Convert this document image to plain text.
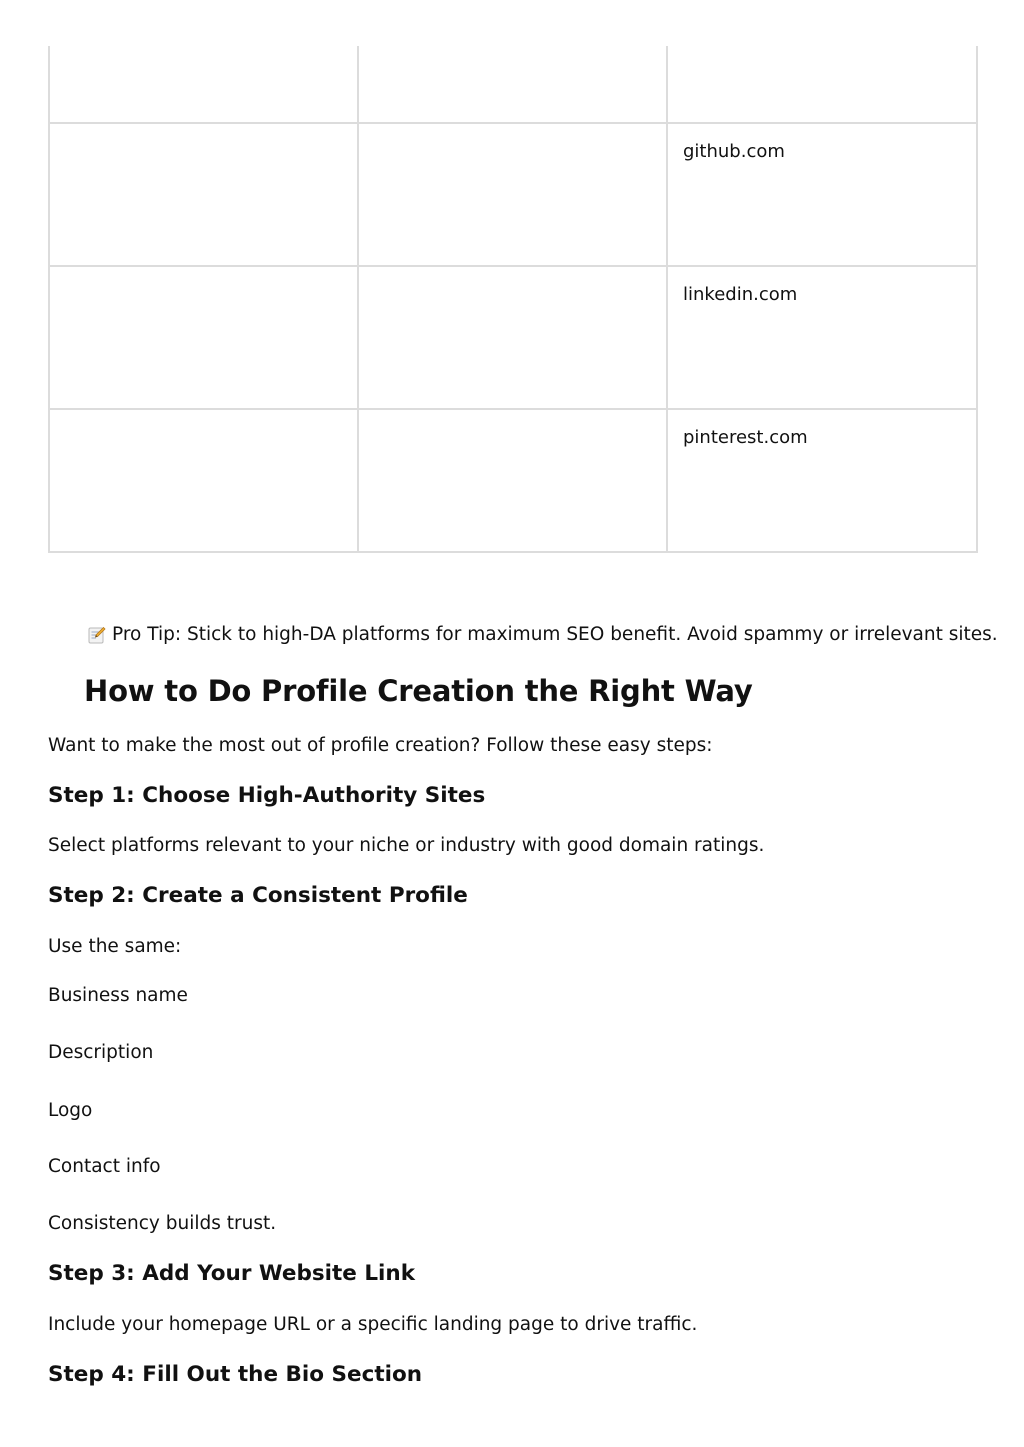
		github.com
		linkedin.com
		pinterest.com
Pro Tip: Stick to high-DA platforms for maximum SEO benefit. Avoid spammy or irrelevant sites.
How to Do Profile Creation the Right Way
Want to make the most out of profile creation? Follow these easy steps:
Step 1: Choose High-Authority Sites
Select platforms relevant to your niche or industry with good domain ratings.
Step 2: Create a Consistent Profile
Use the same:
Business name
Description
Logo
Contact info
Consistency builds trust.
Step 3: Add Your Website Link
Include your homepage URL or a specific landing page to drive traffic.
Step 4: Fill Out the Bio Section
